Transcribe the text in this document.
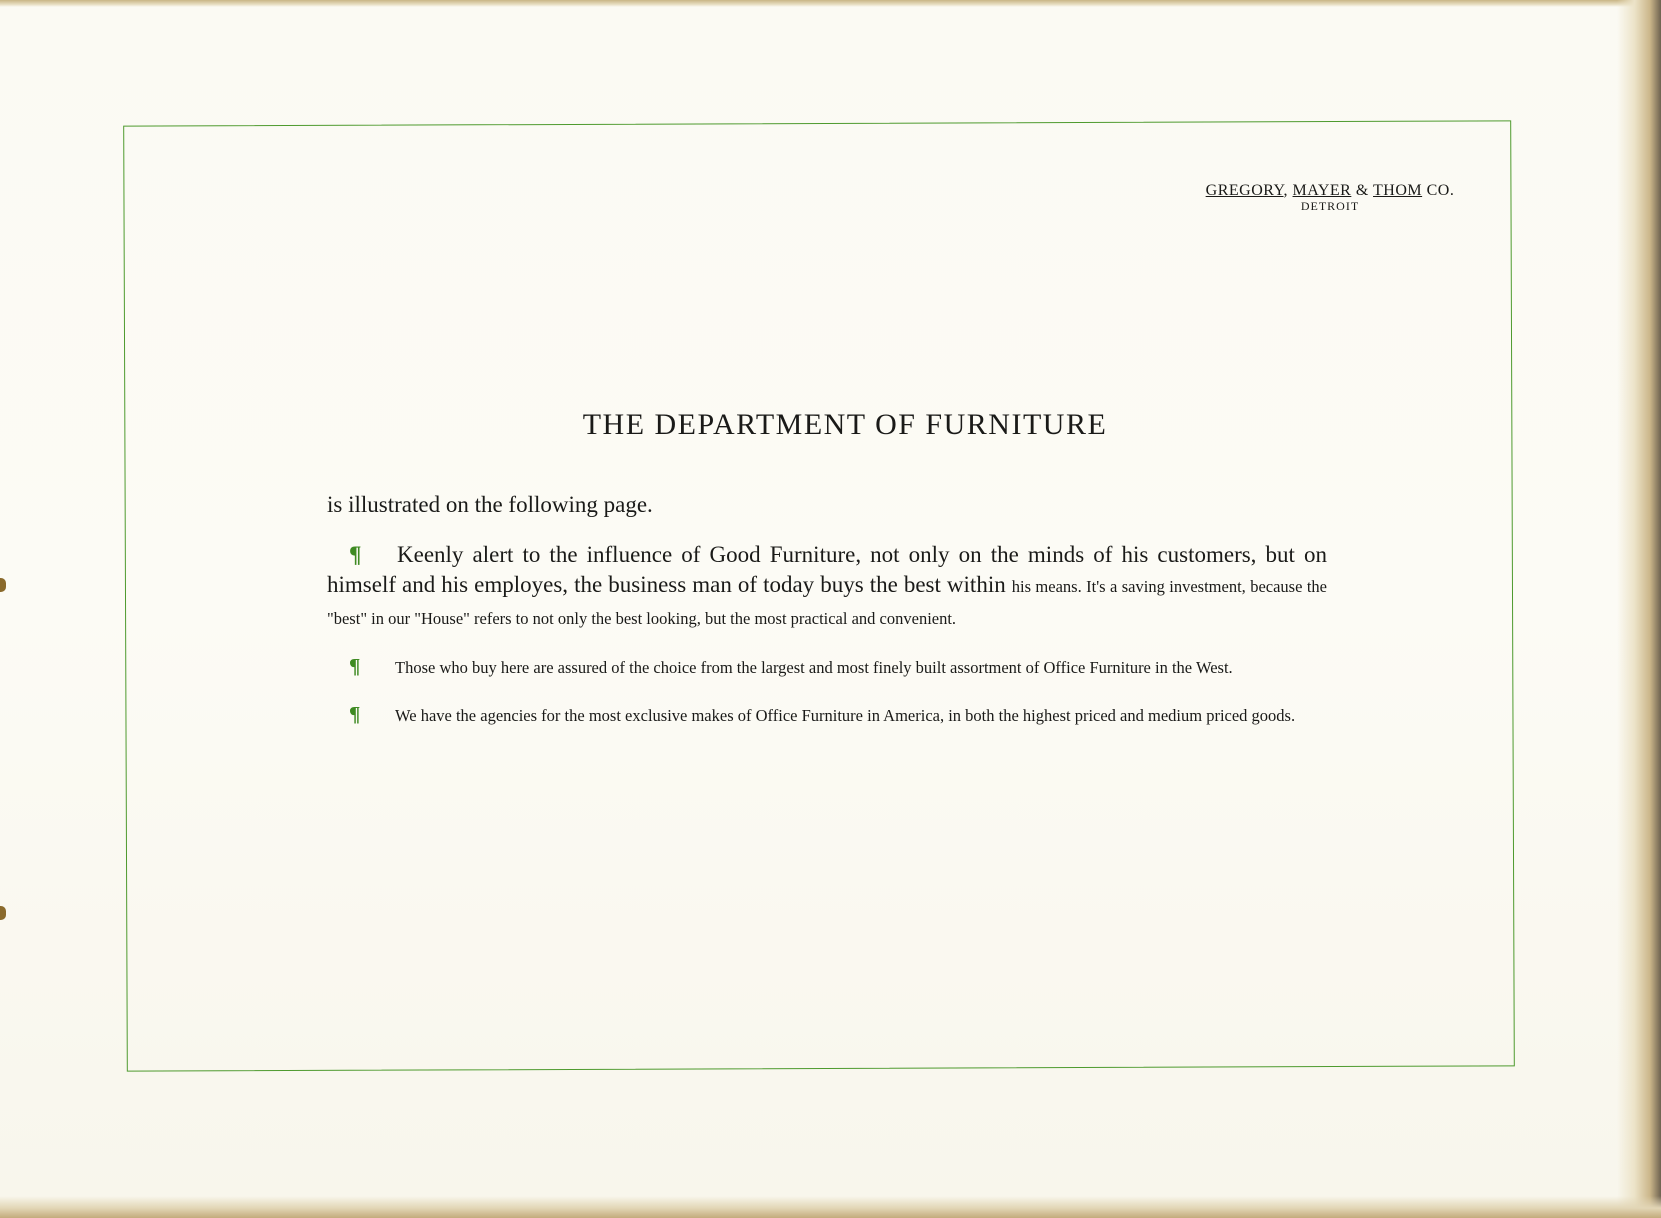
GREGORY, MAYER & THOM CO.
DETROIT
THE DEPARTMENT OF FURNITURE

is illustrated on the following page.

¶ Keenly alert to the influence of Good Furniture, not only on the minds of his customers, but on himself and his employes, the business man of today buys the best within his means. It's a saving investment, because the "best" in our "House" refers to not only the best looking, but the most practical and convenient.

¶ Those who buy here are assured of the choice from the largest and most finely built assortment of Office Furniture in the West.

¶ We have the agencies for the most exclusive makes of Office Furniture in America, in both the highest priced and medium priced goods.
